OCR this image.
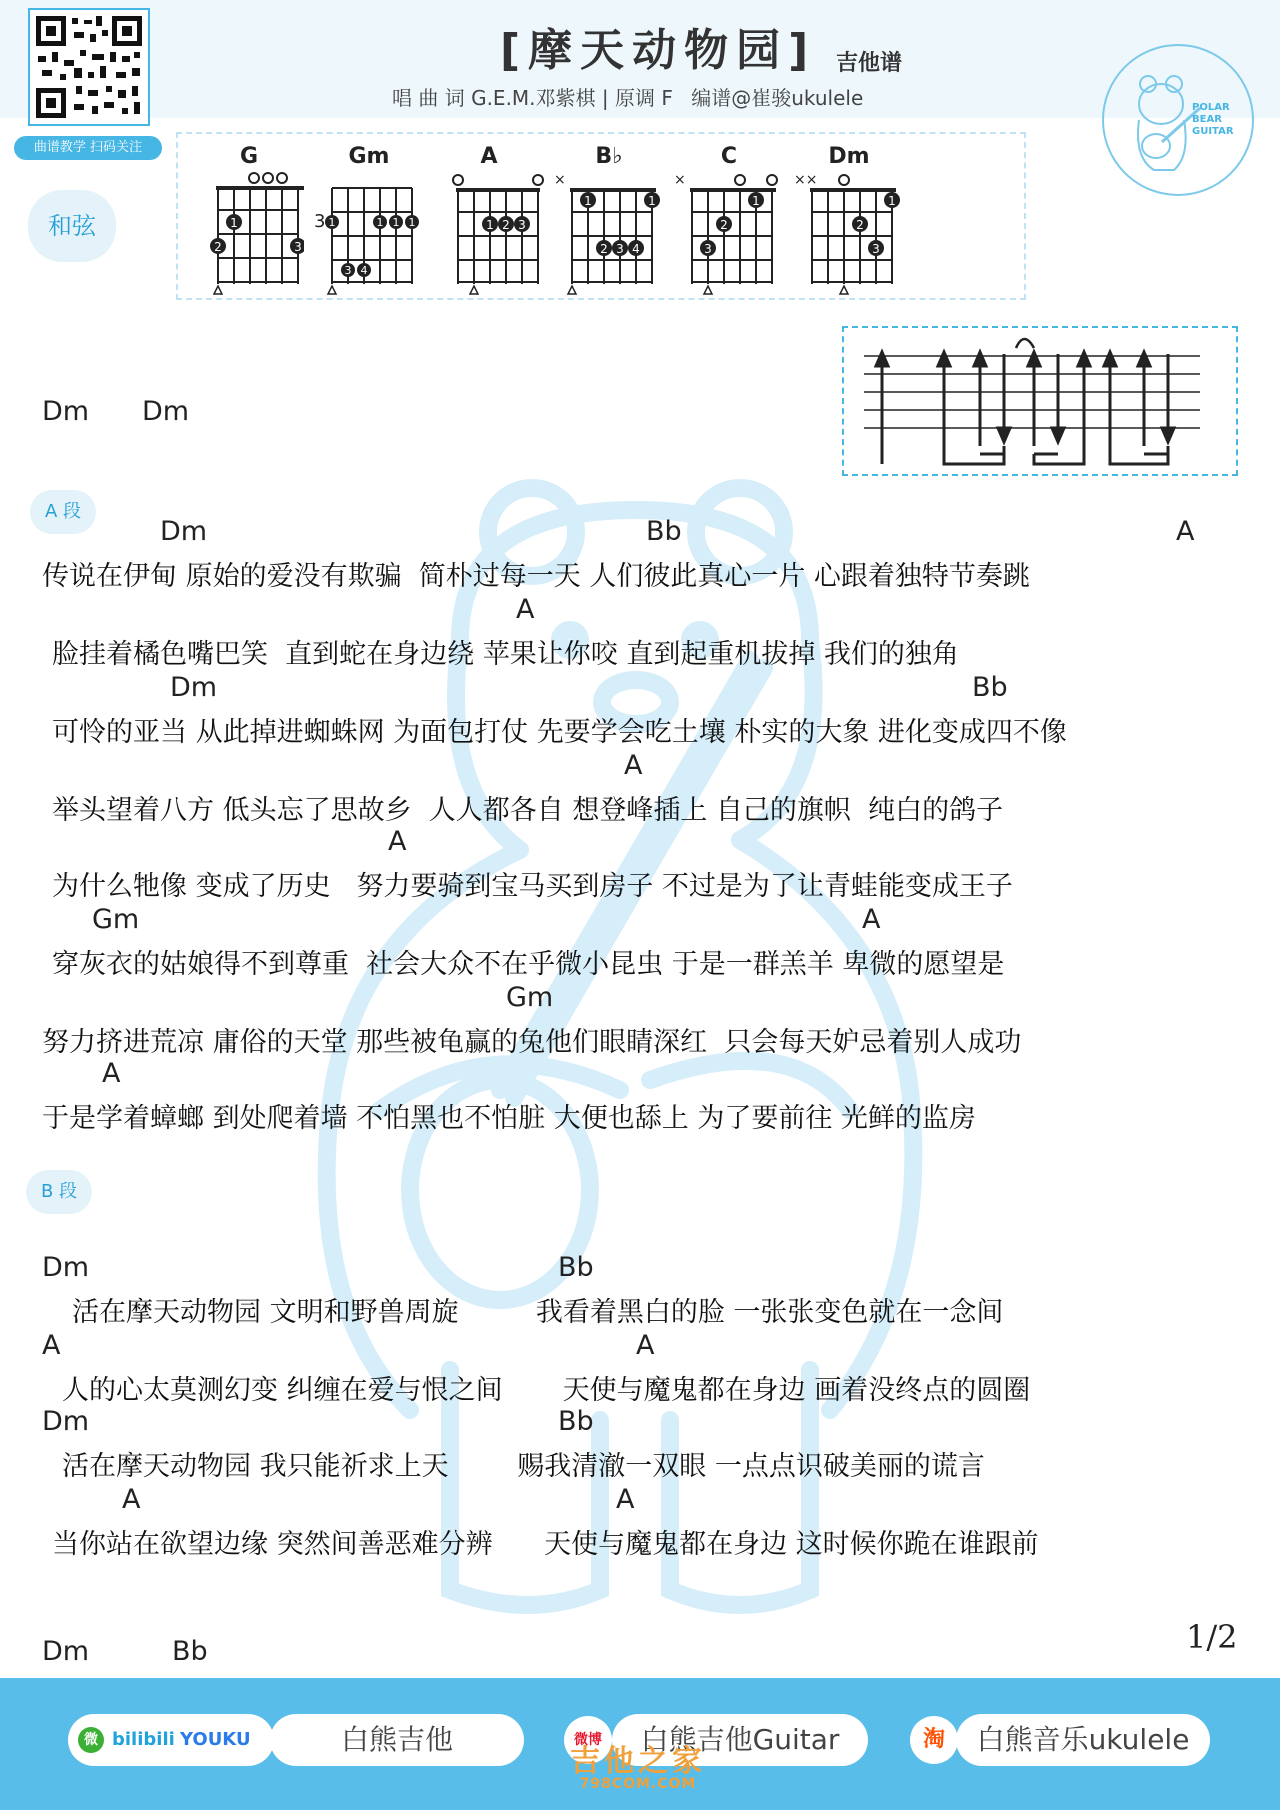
曲谱教学 扫码关注
[摩天动物园] 吉他谱
唱 曲 词 G.E.M.邓紫棋 | 原调 F 编谱@崔骏ukulele	POLAR BEAR GUITAR
和弦
G
1
2	3
Gm
3 1	1 1 1
3 4
A
1 2 3
B♭
×
1	1
2 3 4
C
×
1
2
3
Dm
××
1
2
3
Dm Dm
A 段
Dm	Bb	A
传说在伊甸 原始的爱没有欺骗  简朴过每一天 人们彼此真心一片 心跟着独特节奏跳
A
脸挂着橘色嘴巴笑  直到蛇在身边绕 苹果让你咬 直到起重机拔掉 我们的独角
Dm	Bb
可怜的亚当 从此掉进蜘蛛网 为面包打仗 先要学会吃土壤 朴实的大象 进化变成四不像
A
举头望着八方 低头忘了思故乡  人人都各自 想登峰插上 自己的旗帜  纯白的鸽子
A
为什么牠像 变成了历史   努力要骑到宝马买到房子 不过是为了让青蛙能变成王子
Gm	A
穿灰衣的姑娘得不到尊重  社会大众不在乎微小昆虫 于是一群羔羊 卑微的愿望是
Gm
努力挤进荒凉 庸俗的天堂 那些被龟赢的兔他们眼睛深红  只会每天妒忌着别人成功
A
于是学着蟑螂 到处爬着墙 不怕黑也不怕脏 大便也舔上 为了要前往 光鲜的监房
B 段
Dm	Bb
活在摩天动物园 文明和野兽周旋         我看着黑白的脸 一张张变色就在一念间
A	A
人的心太莫测幻变 纠缠在爱与恨之间       天使与魔鬼都在身边 画着没终点的圆圈
Dm	Bb
活在摩天动物园 我只能祈求上天        赐我清澈一双眼 一点点识破美丽的谎言
A	A
当你站在欲望边缘 突然间善恶难分辨      天使与魔鬼都在身边 这时候你跪在谁跟前
Dm	Bb	1/2
微 bilibili YOUKU	白熊吉他	微博	白熊吉他Guitar	淘	白熊音乐ukulele
吉他之家
798COM.COM
